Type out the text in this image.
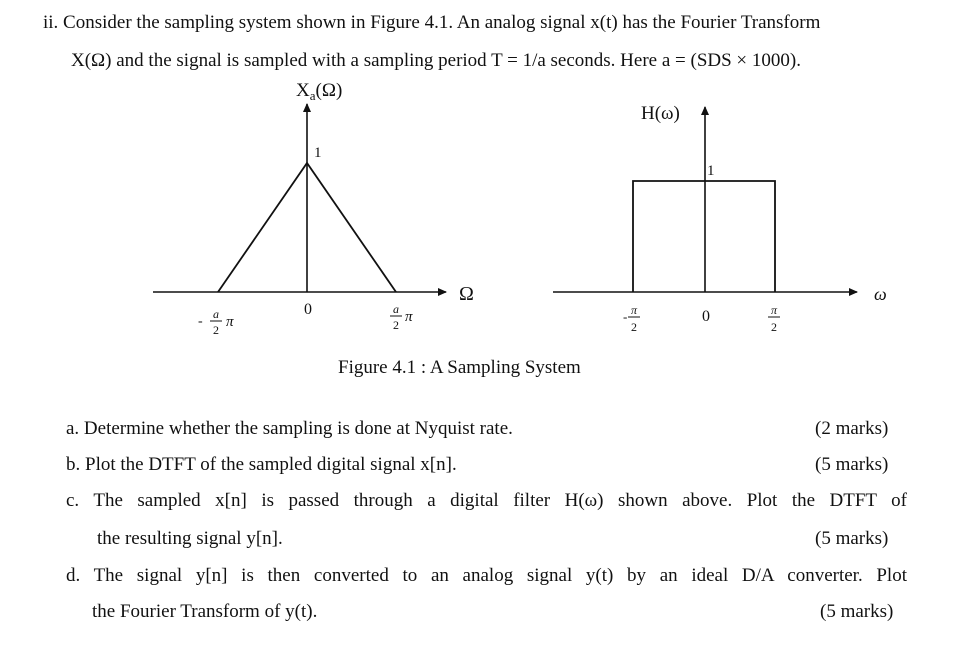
ii. Consider the sampling system shown in Figure 4.1. An analog signal x(t) has the Fourier Transform
X(Ω) and the signal is sampled with a sampling period T = 1/a seconds. Here a = (SDS × 1000).
$X_a(\Omega)$
1
Ω
- a
2 π
0	a
2 π
H(ω)
1
ω
- π
2
0	π
2
Figure 4.1 : A Sampling System
a. Determine whether the sampling is done at Nyquist rate.	(2 marks)
b. Plot the DTFT of the sampled digital signal x[n].	(5 marks)
c. The sampled x[n] is passed through a digital filter H(ω) shown above. Plot the DTFT of
the resulting signal y[n].	(5 marks)
d. The signal y[n] is then converted to an analog signal y(t) by an ideal D/A converter. Plot
the Fourier Transform of y(t).	(5 marks)
